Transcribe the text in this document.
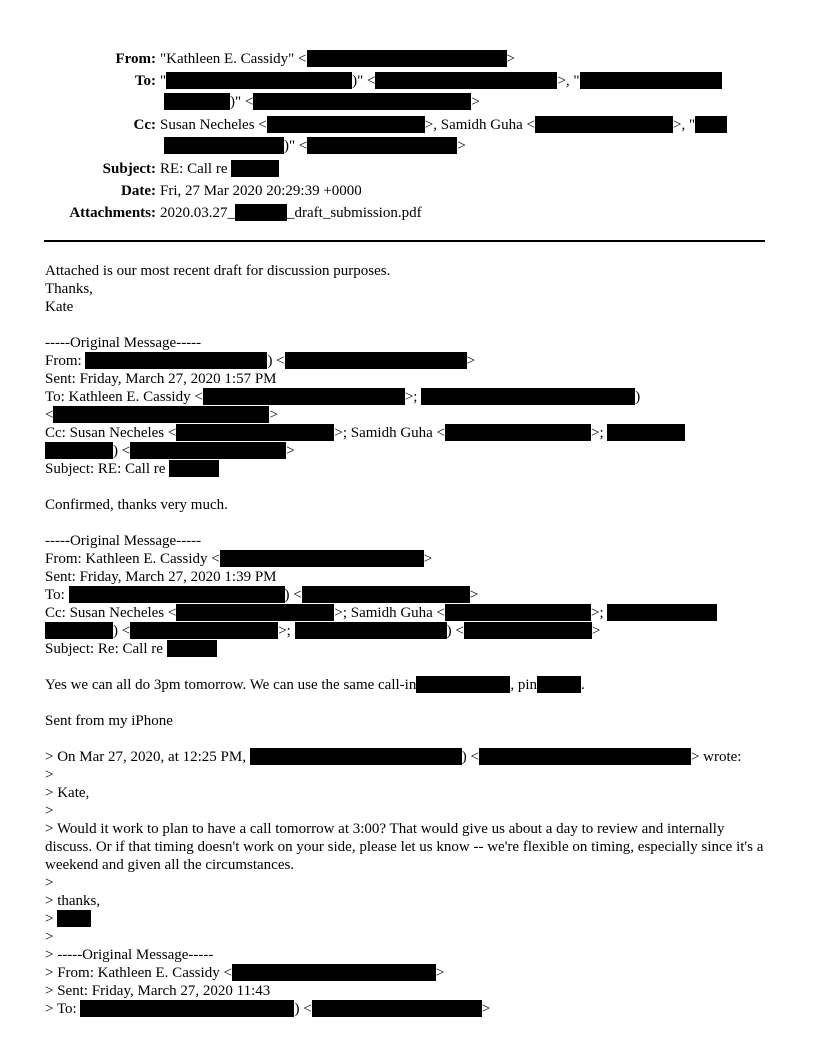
From: "Kathleen E. Cassidy" <	>
To: "	)" <	>, "
)" <	>
Cc: Susan Necheles <	>, Samidh Guha <	>, "
)" <	>
Subject: RE: Call re
Date: Fri, 27 Mar 2020 20:29:39 +0000
Attachments: 2020.03.27_	_draft_submission.pdf
Attached is our most recent draft for discussion purposes.
Thanks,
Kate
-----Original Message-----
From:	) <	>
Sent: Friday, March 27, 2020 1:57 PM
To: Kathleen E. Cassidy <	>;	)
<	>
Cc: Susan Necheles <	>; Samidh Guha <	>;
) <	>
Subject: RE: Call re
Confirmed, thanks very much.
-----Original Message-----
From: Kathleen E. Cassidy <	>
Sent: Friday, March 27, 2020 1:39 PM
To:	) <	>
Cc: Susan Necheles <	>; Samidh Guha <	>;
) <	>;	) <	>
Subject: Re: Call re
Yes we can all do 3pm tomorrow. We can use the same call-in	, pin	.
Sent from my iPhone
> On Mar 27, 2020, at 12:25 PM,	) <	> wrote:
>
> Kate,
>
> Would it work to plan to have a call tomorrow at 3:00? That would give us about a day to review and internally discuss. Or if that timing doesn't work on your side, please let us know -- we're flexible on timing, especially since it's a weekend and given all the circumstances.
>
> thanks,
>
>
> -----Original Message-----
> From: Kathleen E. Cassidy <	>
> Sent: Friday, March 27, 2020 11:43
> To:	) <	>
